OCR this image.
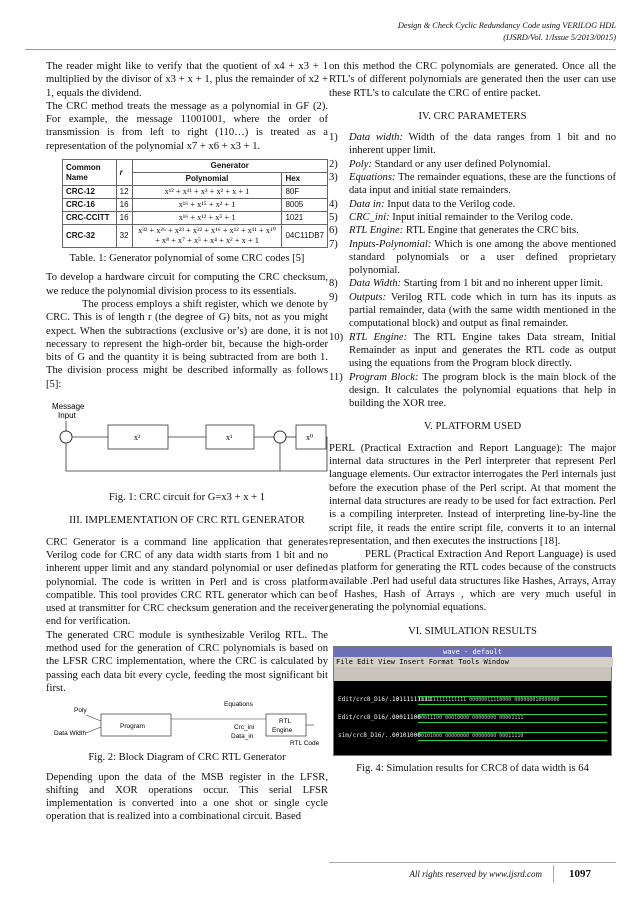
Design & Check Cyclic Redundancy Code using VERILOG HDL
(IJSRD/Vol. 1/Issue 5/2013/0015)

The reader might like to verify that the quotient of x4 + x3 + 1 multiplied by the divisor of x3 + x + 1, plus the remainder of x2 + 1, equals the dividend.

The CRC method treats the message as a polynomial in GF (2). For example, the message 11001001, where the order of transmission is from left to right (110…) is treated as a representation of the polynomial x7 + x6 + x3 + 1.

Common Name	r	Generator	
		Polynomial	Hex
CRC-12	12	x¹² + x¹¹ + x³ + x² + x + 1	80F
CRC-16	16	x¹⁶ + x¹⁵ + x² + 1	8005
CRC-CCITT	16	x¹⁶ + x¹² + x⁵ + 1	1021
CRC-32	32	x³² + x²⁶ + x²³ + x²² + x¹⁶ + x¹² + x¹¹ + x¹⁰ + x⁸ + x⁷ + x⁵ + x⁴ + x² + x + 1	04C11DB7
Table. 1: Generator polynomial of some CRC codes [5]

To develop a hardware circuit for computing the CRC checksum, we reduce the polynomial division process to its essentials.

The process employs a shift register, which we denote by CRC. This is of length r (the degree of G) bits, not as you might expect. When the subtractions (exclusive or’s) are done, it is not necessary to represent the high-order bit, because the high-order bits of G and the quantity it is being subtracted from are both 1. The division process might be described informally as follows [5]:

Message
Input
x²	x¹	x⁰
Fig. 1: CRC circuit for G=x3 + x + 1
III. IMPLEMENTATION OF CRC RTL GENERATOR

CRC Generator is a command line application that generates Verilog code for CRC of any data width starts from 1 bit and no inherent upper limit and any standard polynomial or user defined polynomial. The code is written in Perl and is cross platform compatible. This tool provides CRC RTL generator which can be used at transmitter for CRC checksum generation and the receiver end for verification.

The generated CRC module is synthesizable Verilog RTL. The method used for the generation of CRC polynomials is based on the LFSR CRC implementation, where the CRC is calculated by passing each data bit every cycle, feeding the most significant bit first.

Poly
Data Width
Program
Equations
Crc_ini
Data_in
RTL
Engine
RTL Code
Fig. 2: Block Diagram of CRC RTL Generator

Depending upon the data of the MSB register in the LFSR, shifting and XOR operations occur. This serial LFSR implementation is converted into a one shot or single cycle operation that is realized into a combinational circuit. Based

on this method the CRC polynomials are generated. Once all the RTL’s of different polynomials are generated then the user can use these RTL’s to calculate the CRC of entire packet.

IV. CRC PARAMETERS
1) Data width: Width of the data ranges from 1 bit and no inherent upper limit.
2) Poly: Standard or any user defined Polynomial.
3) Equations: The remainder equations, these are the functions of data input and initial state remainders.
4) Data in: Input data to the Verilog code.
5) CRC_ini: Input initial remainder to the Verilog code.
6) RTL Engine: RTL Engine that generates the CRC bits.
7) Inputs-Polynomial: Which is one among the above mentioned standard polynomials or a user defined proprietary polynomial.
8) Data Width: Starting from 1 bit and no inherent upper limit.
9) Outputs: Verilog RTL code which in turn has its inputs as partial remainder, data (with the same width mentioned in the computational block) and output as final remainder.
10) RTL Engine: The RTL Engine takes Data stream, Initial Remainder as input and generates the RTL code as output using the equations from the Program block directly.
11) Program Block: The program block is the main block of the design. It calculates the polynomial equations that help in building the XOR tree.
V. PLATFORM USED

PERL (Practical Extraction and Report Language): The major internal data structures in the Perl interpreter that represent Perl language elements. Our extractor interrogates the Perl internals just before the execution phase of the Perl script. At that moment the internal data structures are ready to be used for fact extraction. Perl is a compiling interpreter. Instead of interpreting line-by-line the script file, it reads the entire script file, converts it to an internal representation, and then executes the instructions [18].

PERL (Practical Extraction And Report Language) is used as platform for generating the RTL codes because of the constructs available .Perl had useful data structures like Hashes, Arrays, Array of Hashes, Hash of Arrays , which are very much useful in generating the polynomial equations.

VI. SIMULATION RESULTS
wave - default
File Edit View Insert Format Tools Window
Edit/crc8_D16/...
10111111111
1011111111111111 00000011110000 000000010000000
Edit/crc8_D16/...
00011100
00011100 00010000 00000000 00001111
sim/crc8_D16/...
00101000
00101000 00000000 00000000 00011110
Fig. 4: Simulation results for CRC8 of data width is 64
All rights reserved by www.ijsrd.com	1097
